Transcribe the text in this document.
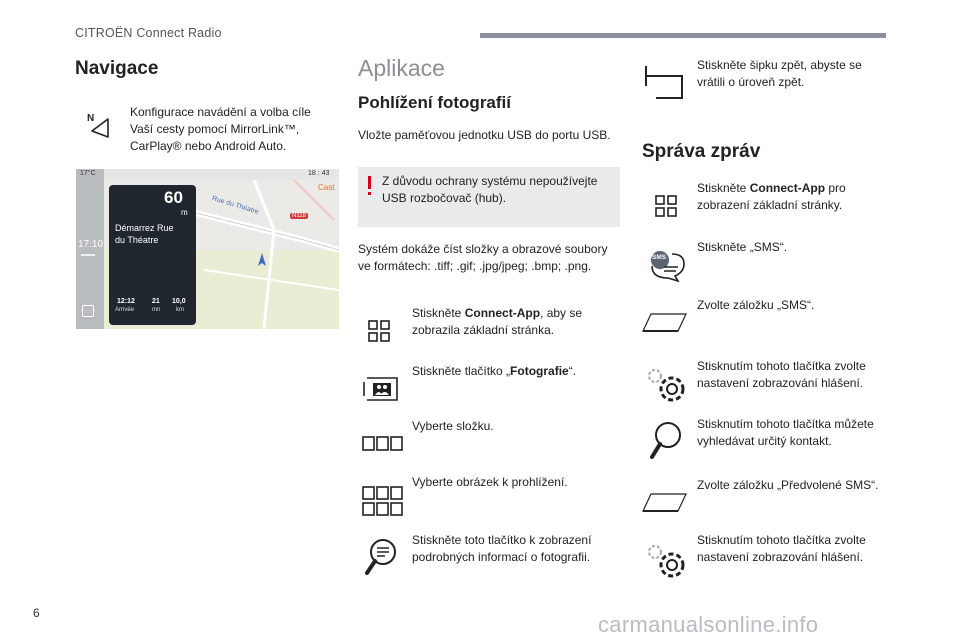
CITROËN Connect Radio
Navigace
N	Konfigurace navádění a volba cíle
Vaší cesty pomocí MirrorLink™,
CarPlay® nebo Android Auto.
17°C	18 : 43
17:10
Rue du Théatre
N118
Cast
60
m
Démarrez Rue
du Théatre
12:12
Arrivée
21
mn
10,0
km
Aplikace
Pohlížení fotografií
Vložte paměťovou jednotku USB do portu USB.
Z důvodu ochrany systému nepoužívejte
USB rozbočovač (hub).
Systém dokáže číst složky a obrazové soubory
ve formátech: .tiff; .gif; .jpg/jpeg; .bmp; .png.
Stiskněte Connect-App, aby se
zobrazila základní stránka.
Stiskněte tlačítko „Fotografie“.
Vyberte složku.
Vyberte obrázek k prohlížení.
Stiskněte toto tlačítko k zobrazení
podrobných informací o fotografii.
Stiskněte šipku zpět, abyste se
vrátili o úroveň zpět.
Správa zpráv
SMS
Stiskněte Connect-App pro
zobrazení základní stránky.
Stiskněte „SMS“.
Zvolte záložku „SMS“.
Stisknutím tohoto tlačítka zvolte
nastavení zobrazování hlášení.
Stisknutím tohoto tlačítka můžete
vyhledávat určitý kontakt.
Zvolte záložku „Předvolené SMS“.
Stisknutím tohoto tlačítka zvolte
nastavení zobrazování hlášení.
6	carmanualsonline.info
